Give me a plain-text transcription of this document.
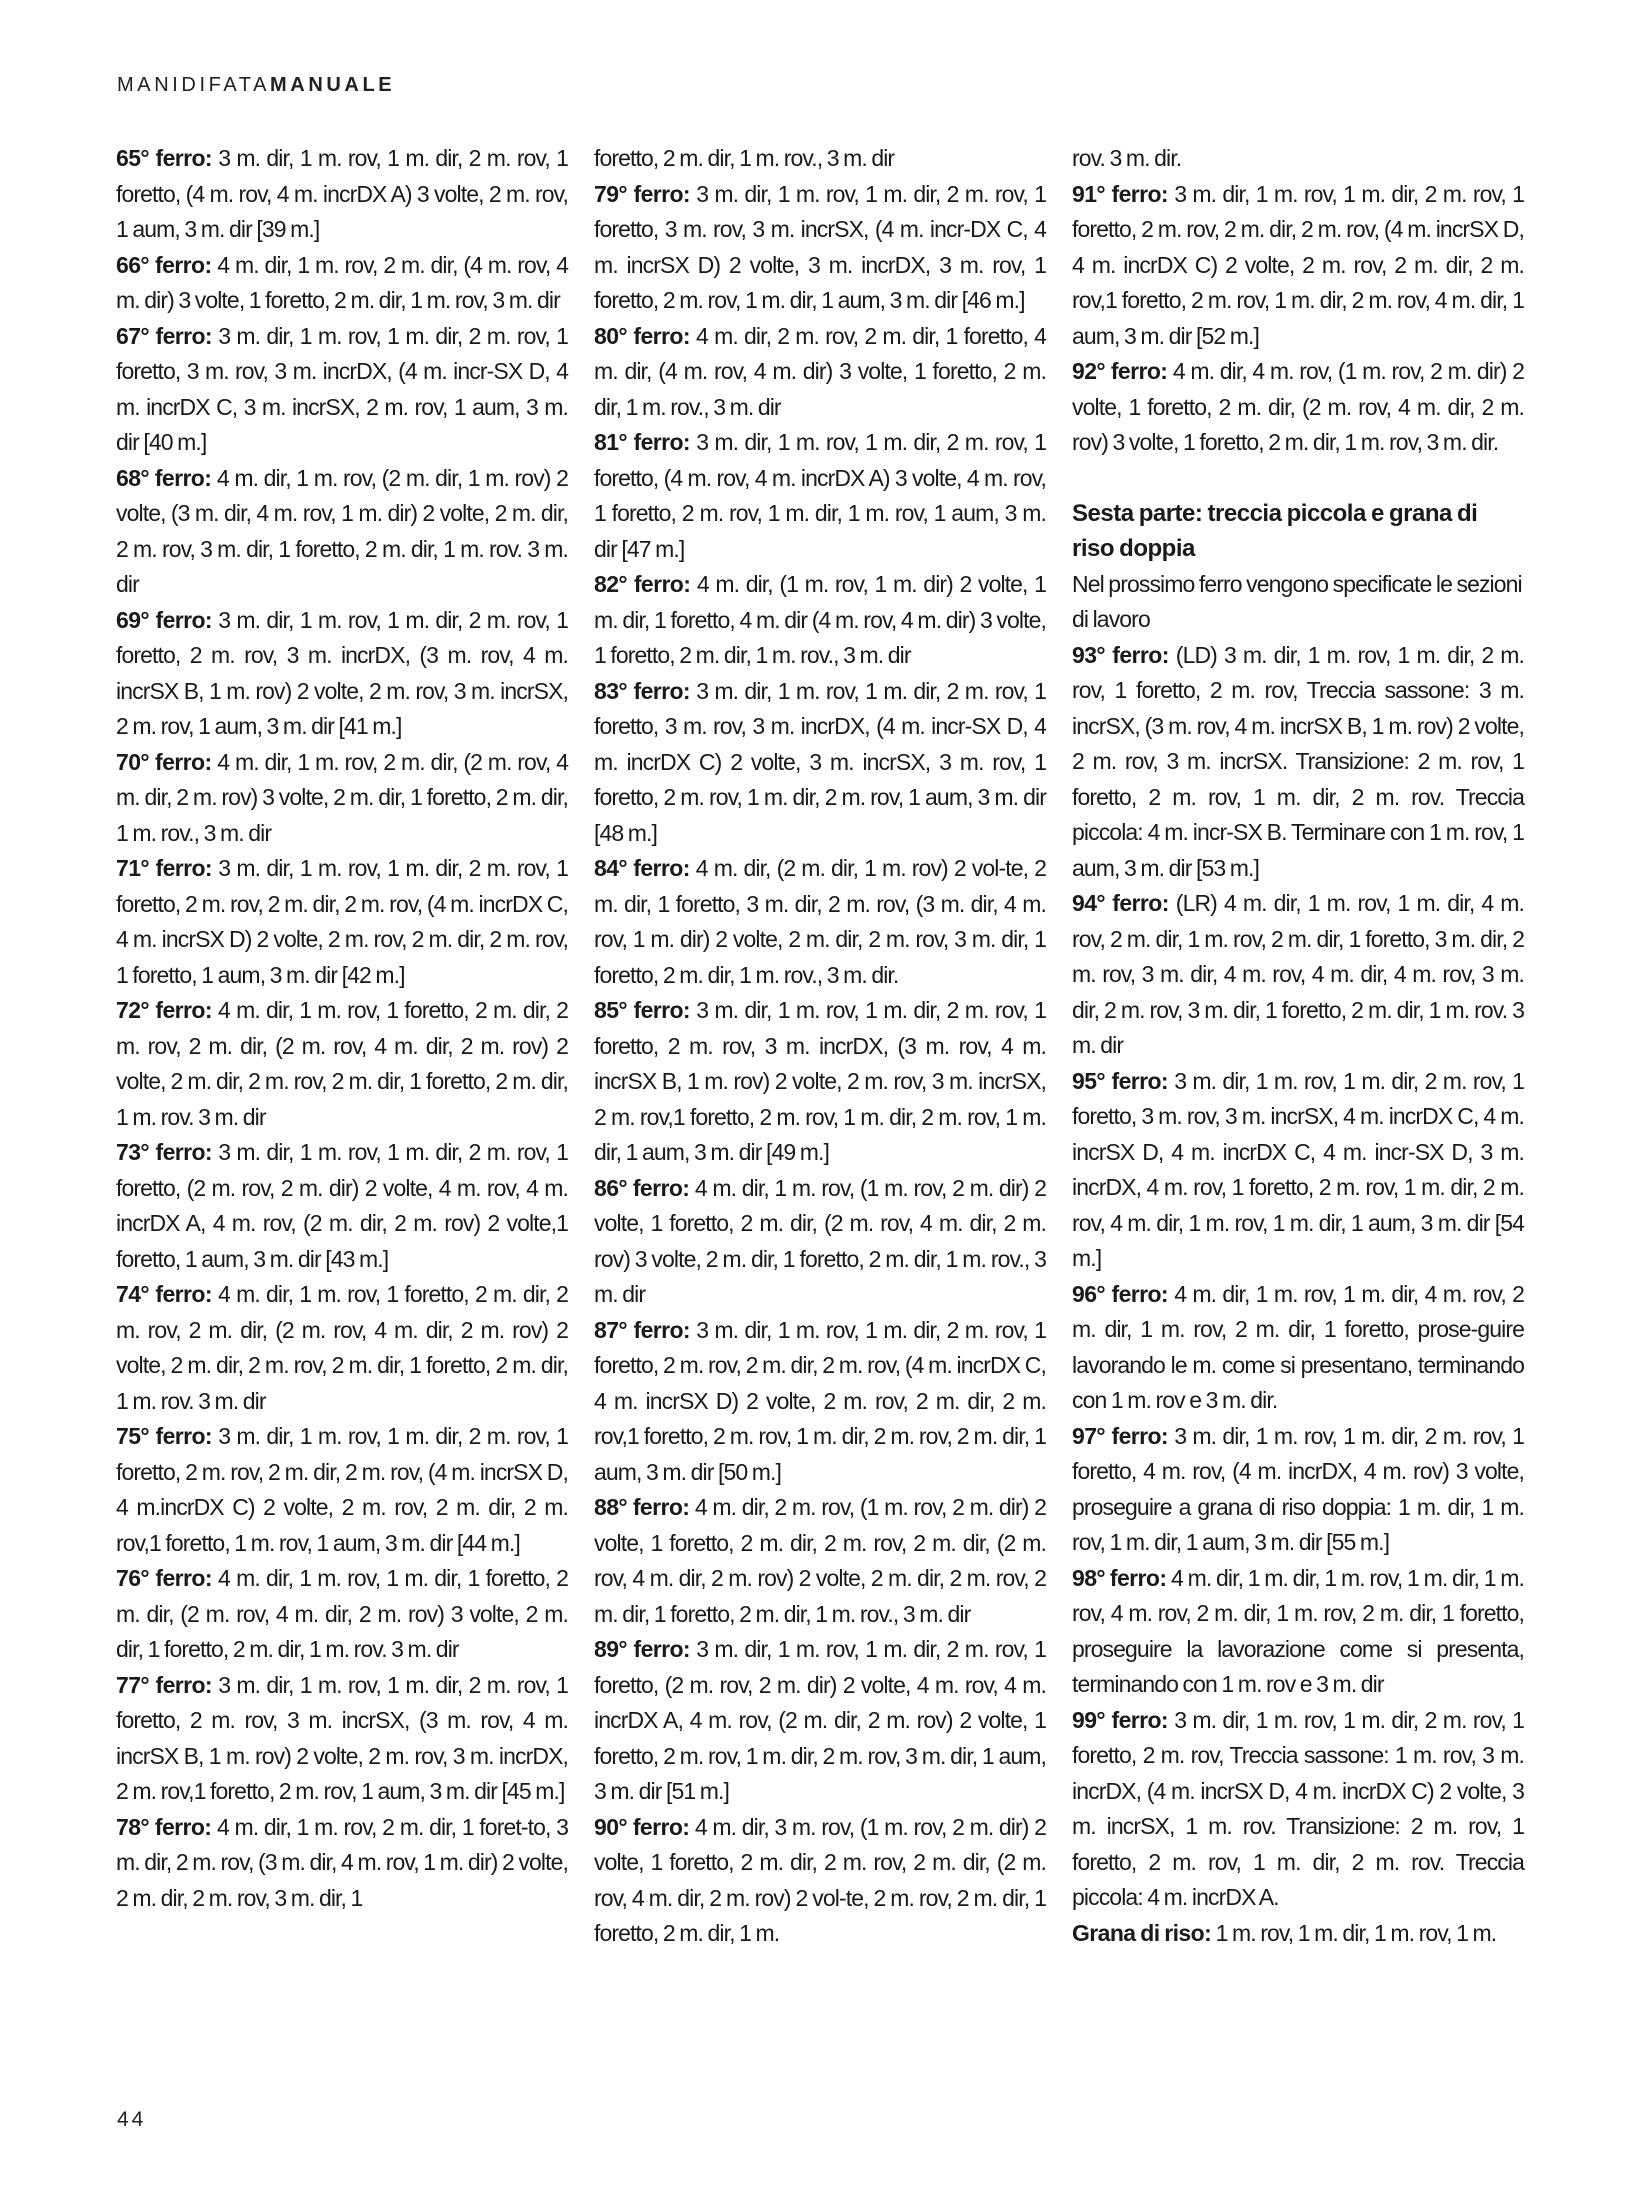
MANIDIFATAMANUALE

65° ferro: 3 m. dir, 1 m. rov, 1 m. dir, 2 m. rov, 1 foretto, (4 m. rov, 4 m. incrDX A) 3 volte, 2 m. rov, 1 aum, 3 m. dir [39 m.]

66° ferro: 4 m. dir, 1 m. rov, 2 m. dir, (4 m. rov, 4 m. dir) 3 volte, 1 foretto, 2 m. dir, 1 m. rov, 3 m. dir

67° ferro: 3 m. dir, 1 m. rov, 1 m. dir, 2 m. rov, 1 foretto, 3 m. rov, 3 m. incrDX, (4 m. incr-SX D, 4 m. incrDX C, 3 m. incrSX, 2 m. rov, 1 aum, 3 m. dir [40 m.]

68° ferro: 4 m. dir, 1 m. rov, (2 m. dir, 1 m. rov) 2 volte, (3 m. dir, 4 m. rov, 1 m. dir) 2 volte, 2 m. dir, 2 m. rov, 3 m. dir, 1 foretto, 2 m. dir, 1 m. rov. 3 m. dir

69° ferro: 3 m. dir, 1 m. rov, 1 m. dir, 2 m. rov, 1 foretto, 2 m. rov, 3 m. incrDX, (3 m. rov, 4 m. incrSX B, 1 m. rov) 2 volte, 2 m. rov, 3 m. incrSX, 2 m. rov, 1 aum, 3 m. dir [41 m.]

70° ferro: 4 m. dir, 1 m. rov, 2 m. dir, (2 m. rov, 4 m. dir, 2 m. rov) 3 volte, 2 m. dir, 1 foretto, 2 m. dir, 1 m. rov., 3 m. dir

71° ferro: 3 m. dir, 1 m. rov, 1 m. dir, 2 m. rov, 1 foretto, 2 m. rov, 2 m. dir, 2 m. rov, (4 m. incrDX C, 4 m. incrSX D) 2 volte, 2 m. rov, 2 m. dir, 2 m. rov, 1 foretto, 1 aum, 3 m. dir [42 m.]

72° ferro: 4 m. dir, 1 m. rov, 1 foretto, 2 m. dir, 2 m. rov, 2 m. dir, (2 m. rov, 4 m. dir, 2 m. rov) 2 volte, 2 m. dir, 2 m. rov, 2 m. dir, 1 foretto, 2 m. dir, 1 m. rov. 3 m. dir

73° ferro: 3 m. dir, 1 m. rov, 1 m. dir, 2 m. rov, 1 foretto, (2 m. rov, 2 m. dir) 2 volte, 4 m. rov, 4 m. incrDX A, 4 m. rov, (2 m. dir, 2 m. rov) 2 volte,1 foretto, 1 aum, 3 m. dir [43 m.]

74° ferro: 4 m. dir, 1 m. rov, 1 foretto, 2 m. dir, 2 m. rov, 2 m. dir, (2 m. rov, 4 m. dir, 2 m. rov) 2 volte, 2 m. dir, 2 m. rov, 2 m. dir, 1 foretto, 2 m. dir, 1 m. rov. 3 m. dir

75° ferro: 3 m. dir, 1 m. rov, 1 m. dir, 2 m. rov, 1 foretto, 2 m. rov, 2 m. dir, 2 m. rov, (4 m. incrSX D, 4 m.incrDX C) 2 volte, 2 m. rov, 2 m. dir, 2 m. rov,1 foretto, 1 m. rov, 1 aum, 3 m. dir [44 m.]

76° ferro: 4 m. dir, 1 m. rov, 1 m. dir, 1 foretto, 2 m. dir, (2 m. rov, 4 m. dir, 2 m. rov) 3 volte, 2 m. dir, 1 foretto, 2 m. dir, 1 m. rov. 3 m. dir

77° ferro: 3 m. dir, 1 m. rov, 1 m. dir, 2 m. rov, 1 foretto, 2 m. rov, 3 m. incrSX, (3 m. rov, 4 m. incrSX B, 1 m. rov) 2 volte, 2 m. rov, 3 m. incrDX, 2 m. rov,1 foretto, 2 m. rov, 1 aum, 3 m. dir [45 m.]

78° ferro: 4 m. dir, 1 m. rov, 2 m. dir, 1 foret-to, 3 m. dir, 2 m. rov, (3 m. dir, 4 m. rov, 1 m. dir) 2 volte, 2 m. dir, 2 m. rov, 3 m. dir, 1

foretto, 2 m. dir, 1 m. rov., 3 m. dir

79° ferro: 3 m. dir, 1 m. rov, 1 m. dir, 2 m. rov, 1 foretto, 3 m. rov, 3 m. incrSX, (4 m. incr-DX C, 4 m. incrSX D) 2 volte, 3 m. incrDX, 3 m. rov, 1 foretto, 2 m. rov, 1 m. dir, 1 aum, 3 m. dir [46 m.]

80° ferro: 4 m. dir, 2 m. rov, 2 m. dir, 1 foretto, 4 m. dir, (4 m. rov, 4 m. dir) 3 volte, 1 foretto, 2 m. dir, 1 m. rov., 3 m. dir

81° ferro: 3 m. dir, 1 m. rov, 1 m. dir, 2 m. rov, 1 foretto, (4 m. rov, 4 m. incrDX A) 3 volte, 4 m. rov, 1 foretto, 2 m. rov, 1 m. dir, 1 m. rov, 1 aum, 3 m. dir [47 m.]

82° ferro: 4 m. dir, (1 m. rov, 1 m. dir) 2 volte, 1 m. dir, 1 foretto, 4 m. dir (4 m. rov, 4 m. dir) 3 volte, 1 foretto, 2 m. dir, 1 m. rov., 3 m. dir

83° ferro: 3 m. dir, 1 m. rov, 1 m. dir, 2 m. rov, 1 foretto, 3 m. rov, 3 m. incrDX, (4 m. incr-SX D, 4 m. incrDX C) 2 volte, 3 m. incrSX, 3 m. rov, 1 foretto, 2 m. rov, 1 m. dir, 2 m. rov, 1 aum, 3 m. dir [48 m.]

84° ferro: 4 m. dir, (2 m. dir, 1 m. rov) 2 vol-te, 2 m. dir, 1 foretto, 3 m. dir, 2 m. rov, (3 m. dir, 4 m. rov, 1 m. dir) 2 volte, 2 m. dir, 2 m. rov, 3 m. dir, 1 foretto, 2 m. dir, 1 m. rov., 3 m. dir.

85° ferro: 3 m. dir, 1 m. rov, 1 m. dir, 2 m. rov, 1 foretto, 2 m. rov, 3 m. incrDX, (3 m. rov, 4 m. incrSX B, 1 m. rov) 2 volte, 2 m. rov, 3 m. incrSX, 2 m. rov,1 foretto, 2 m. rov, 1 m. dir, 2 m. rov, 1 m. dir, 1 aum, 3 m. dir [49 m.]

86° ferro: 4 m. dir, 1 m. rov, (1 m. rov, 2 m. dir) 2 volte, 1 foretto, 2 m. dir, (2 m. rov, 4 m. dir, 2 m. rov) 3 volte, 2 m. dir, 1 foretto, 2 m. dir, 1 m. rov., 3 m. dir

87° ferro: 3 m. dir, 1 m. rov, 1 m. dir, 2 m. rov, 1 foretto, 2 m. rov, 2 m. dir, 2 m. rov, (4 m. incrDX C, 4 m. incrSX D) 2 volte, 2 m. rov, 2 m. dir, 2 m. rov,1 foretto, 2 m. rov, 1 m. dir, 2 m. rov, 2 m. dir, 1 aum, 3 m. dir [50 m.]

88° ferro: 4 m. dir, 2 m. rov, (1 m. rov, 2 m. dir) 2 volte, 1 foretto, 2 m. dir, 2 m. rov, 2 m. dir, (2 m. rov, 4 m. dir, 2 m. rov) 2 volte, 2 m. dir, 2 m. rov, 2 m. dir, 1 foretto, 2 m. dir, 1 m. rov., 3 m. dir

89° ferro: 3 m. dir, 1 m. rov, 1 m. dir, 2 m. rov, 1 foretto, (2 m. rov, 2 m. dir) 2 volte, 4 m. rov, 4 m. incrDX A, 4 m. rov, (2 m. dir, 2 m. rov) 2 volte, 1 foretto, 2 m. rov, 1 m. dir, 2 m. rov, 3 m. dir, 1 aum, 3 m. dir [51 m.]

90° ferro: 4 m. dir, 3 m. rov, (1 m. rov, 2 m. dir) 2 volte, 1 foretto, 2 m. dir, 2 m. rov, 2 m. dir, (2 m. rov, 4 m. dir, 2 m. rov) 2 vol-te, 2 m. rov, 2 m. dir, 1 foretto, 2 m. dir, 1 m.

rov. 3 m. dir.

91° ferro: 3 m. dir, 1 m. rov, 1 m. dir, 2 m. rov, 1 foretto, 2 m. rov, 2 m. dir, 2 m. rov, (4 m. incrSX D, 4 m. incrDX C) 2 volte, 2 m. rov, 2 m. dir, 2 m. rov,1 foretto, 2 m. rov, 1 m. dir, 2 m. rov, 4 m. dir, 1 aum, 3 m. dir [52 m.]

92° ferro: 4 m. dir, 4 m. rov, (1 m. rov, 2 m. dir) 2 volte, 1 foretto, 2 m. dir, (2 m. rov, 4 m. dir, 2 m. rov) 3 volte, 1 foretto, 2 m. dir, 1 m. rov, 3 m. dir.

Sesta parte: treccia piccola e grana di riso doppia
Nel prossimo ferro vengono specificate le sezioni di lavoro

93° ferro: (LD) 3 m. dir, 1 m. rov, 1 m. dir, 2 m. rov, 1 foretto, 2 m. rov, Treccia sassone: 3 m. incrSX, (3 m. rov, 4 m. incrSX B, 1 m. rov) 2 volte, 2 m. rov, 3 m. incrSX. Transizione: 2 m. rov, 1 foretto, 2 m. rov, 1 m. dir, 2 m. rov. Treccia piccola: 4 m. incr-SX B. Terminare con 1 m. rov, 1 aum, 3 m. dir [53 m.]

94° ferro: (LR) 4 m. dir, 1 m. rov, 1 m. dir, 4 m. rov, 2 m. dir, 1 m. rov, 2 m. dir, 1 foretto, 3 m. dir, 2 m. rov, 3 m. dir, 4 m. rov, 4 m. dir, 4 m. rov, 3 m. dir, 2 m. rov, 3 m. dir, 1 foretto, 2 m. dir, 1 m. rov. 3 m. dir

95° ferro: 3 m. dir, 1 m. rov, 1 m. dir, 2 m. rov, 1 foretto, 3 m. rov, 3 m. incrSX, 4 m. incrDX C, 4 m. incrSX D, 4 m. incrDX C, 4 m. incr-SX D, 3 m. incrDX, 4 m. rov, 1 foretto, 2 m. rov, 1 m. dir, 2 m. rov, 4 m. dir, 1 m. rov, 1 m. dir, 1 aum, 3 m. dir [54 m.]

96° ferro: 4 m. dir, 1 m. rov, 1 m. dir, 4 m. rov, 2 m. dir, 1 m. rov, 2 m. dir, 1 foretto, prose-guire lavorando le m. come si presentano, terminando con 1 m. rov e 3 m. dir.

97° ferro: 3 m. dir, 1 m. rov, 1 m. dir, 2 m. rov, 1 foretto, 4 m. rov, (4 m. incrDX, 4 m. rov) 3 volte, proseguire a grana di riso doppia: 1 m. dir, 1 m. rov, 1 m. dir, 1 aum, 3 m. dir [55 m.]

98° ferro: 4 m. dir, 1 m. dir, 1 m. rov, 1 m. dir, 1 m. rov, 4 m. rov, 2 m. dir, 1 m. rov, 2 m. dir, 1 foretto, proseguire la lavorazione come si presenta, terminando con 1 m. rov e 3 m. dir

99° ferro: 3 m. dir, 1 m. rov, 1 m. dir, 2 m. rov, 1 foretto, 2 m. rov, Treccia sassone: 1 m. rov, 3 m. incrDX, (4 m. incrSX D, 4 m. incrDX C) 2 volte, 3 m. incrSX, 1 m. rov. Transizione: 2 m. rov, 1 foretto, 2 m. rov, 1 m. dir, 2 m. rov. Treccia piccola: 4 m. incrDX A.

Grana di riso: 1 m. rov, 1 m. dir, 1 m. rov, 1 m.

44
